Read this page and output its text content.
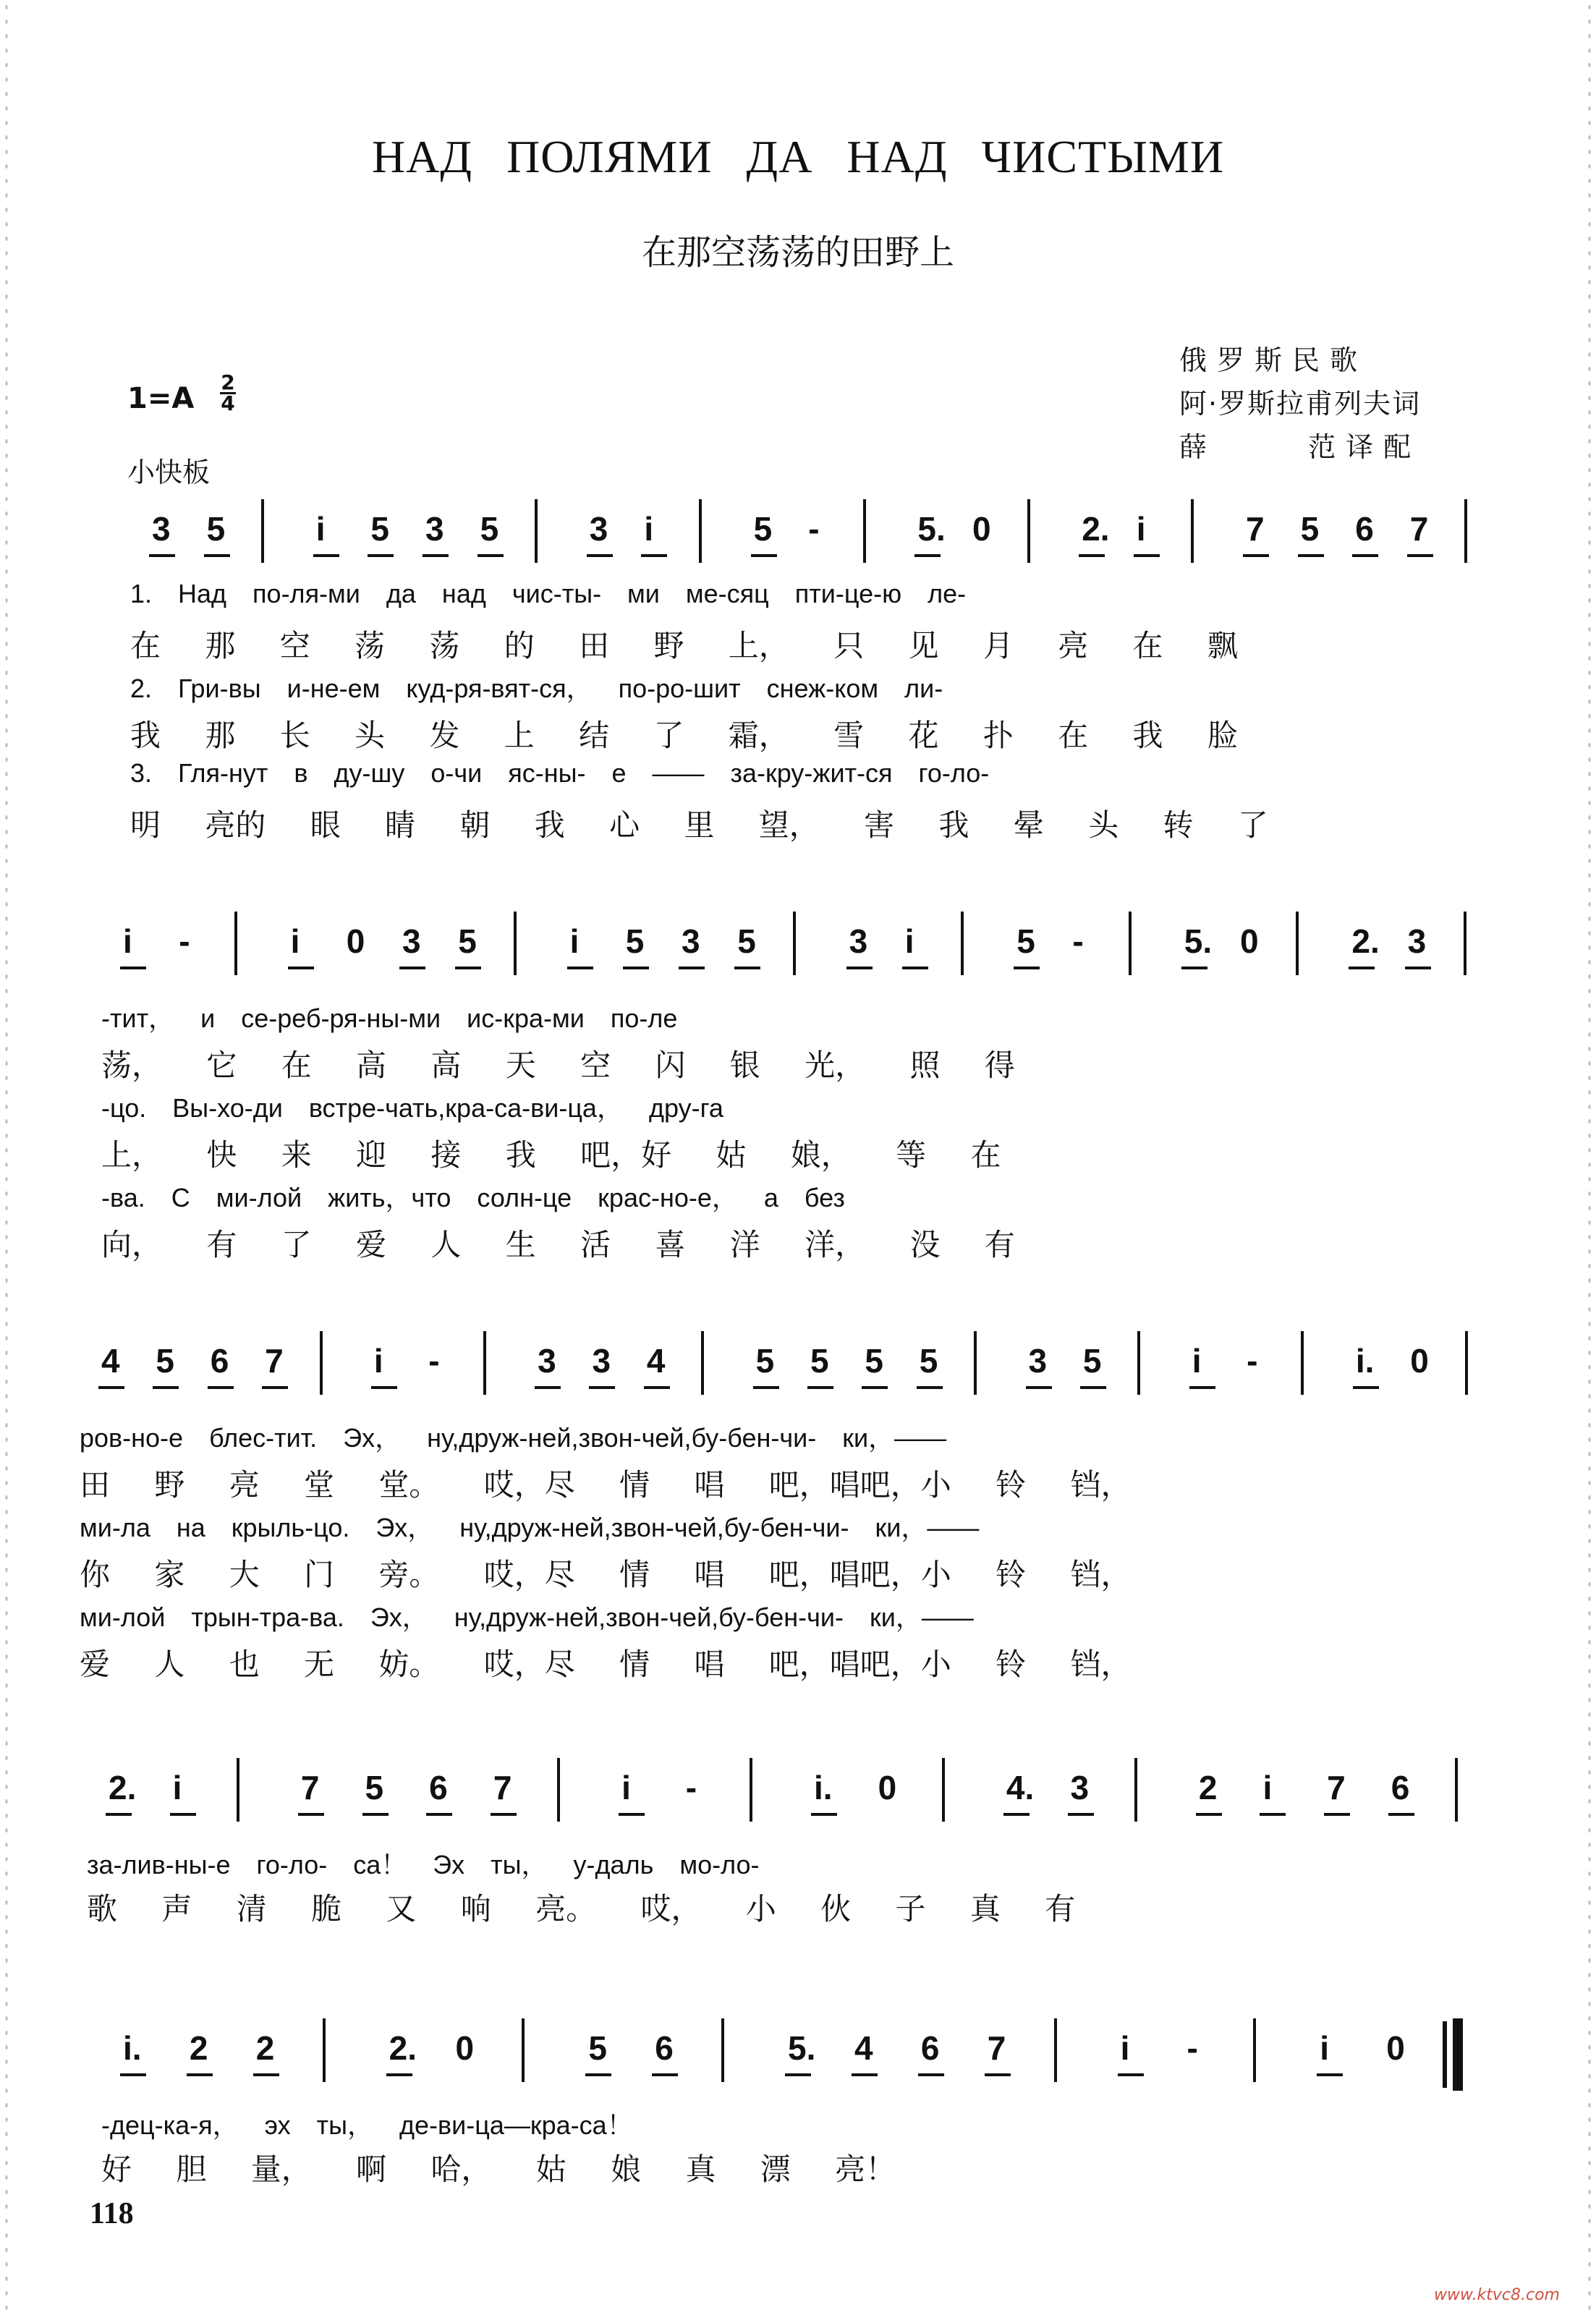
НАД ПОЛЯМИ ДА НАД ЧИСТЫМИ
在那空荡荡的田野上
俄罗斯民歌
阿·罗斯拉甫列夫词
薛 范译配
1=A 2
4
小快板
3 5	i 5 3 5	3 i	5 -	5. 0	2. i	7 5 6 7
1. Над по-ля-ми да над чис-ты- ми ме-сяц пти-це-ю ле-
在 那 空 荡 荡 的 田 野 上， 只 见 月 亮 在 飘
2. Гри-вы и-не-ем куд-ря-вят-ся， по-ро-шит снеж-ком ли-
我 那 长 头 发 上 结 了 霜， 雪 花 扑 在 我 脸
3. Гля-нут в ду-шу о-чи яс-ны- е —— за-кру-жит-ся го-ло-
明 亮的 眼 睛 朝 我 心 里 望， 害 我 晕 头 转 了
i -	i 0 3 5	i 5 3 5	3 i	5 -	5. 0	2. 3
-тит， и се-реб-ря-ны-ми ис-кра-ми по-ле
荡， 它 在 高 高 天 空 闪 银 光， 照 得
-цо. Вы-хо-ди встре-чать,кра-са-ви-ца， дру-га
上， 快 来 迎 接 我 吧，好 姑 娘， 等 在
-ва. С ми-лой жить，что солн-це крас-но-е， а без
向， 有 了 爱 人 生 活 喜 洋 洋， 没 有
4 5 6 7	i -	3 3 4	5 5 5 5	3 5	i -	i. 0
ров-но-е блес-тит. Эх， ну,друж-ней,звон-чей,бу-бен-чи- ки，——
田 野 亮 堂 堂。 哎，尽 情 唱 吧，唱吧，小 铃 铛，
ми-ла на крыль-цо. Эх， ну,друж-ней,звон-чей,бу-бен-чи- ки，——
你 家 大 门 旁。 哎，尽 情 唱 吧，唱吧，小 铃 铛，
ми-лой трын-тра-ва. Эх， ну,друж-ней,звон-чей,бу-бен-чи- ки，——
爱 人 也 无 妨。 哎，尽 情 唱 吧，唱吧，小 铃 铛，
2. i	7 5 6 7	i -	i. 0	4. 3	2 i 7 6
за-лив-ны-е го-ло- са！ Эх ты， у-даль мо-ло-
歌 声 清 脆 又 响 亮。 哎， 小 伙 子 真 有
i. 2 2	2. 0	5 6	5. 4 6 7	i -	i 0
-дец-ка-я， эх ты， де-ви-ца—кра-са！
好 胆 量， 啊 哈， 姑 娘 真 漂 亮！
118
www.ktvc8.com
